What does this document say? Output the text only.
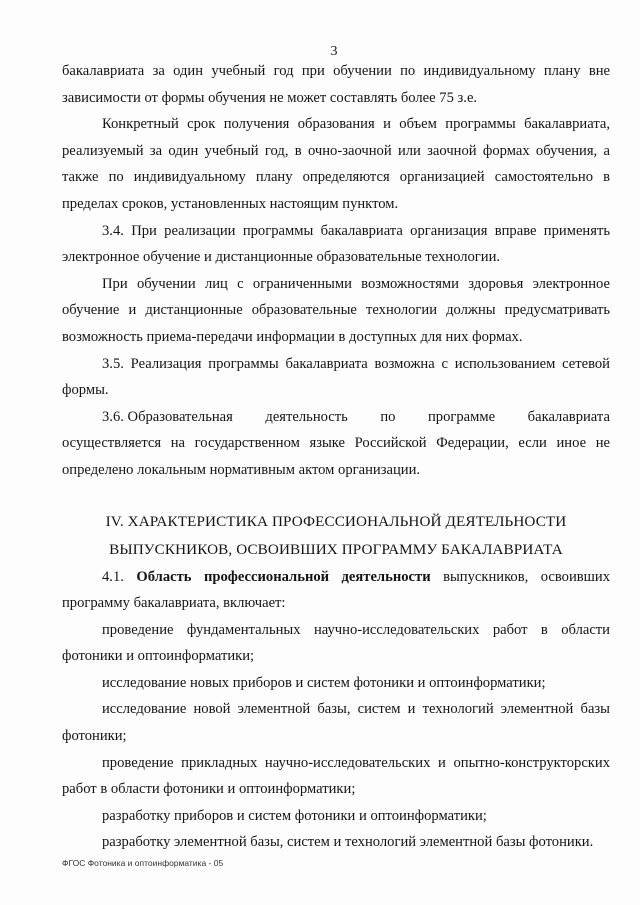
3

бакалавриата за один учебный год при обучении по индивидуальному плану вне зависимости от формы обучения не может составлять более 75 з.е.

Конкретный срок получения образования и объем программы бакалавриата, реализуемый за один учебный год, в очно-заочной или заочной формах обучения, а также по индивидуальному плану определяются организацией самостоятельно в пределах сроков, установленных настоящим пунктом.

3.4. При реализации программы бакалавриата организация вправе применять электронное обучение и дистанционные образовательные технологии.

При обучении лиц с ограниченными возможностями здоровья электронное обучение и дистанционные образовательные технологии должны предусматривать возможность приема-передачи информации в доступных для них формах.

3.5. Реализация программы бакалавриата возможна с использованием сетевой формы.

3.6. Образовательная деятельность по программе бакалавриата

осуществляется на государственном языке Российской Федерации, если иное не определено локальным нормативным актом организации.

IV. ХАРАКТЕРИСТИКА ПРОФЕССИОНАЛЬНОЙ ДЕЯТЕЛЬНОСТИ
ВЫПУСКНИКОВ, ОСВОИВШИХ ПРОГРАММУ БАКАЛАВРИАТА

4.1. Область профессиональной деятельности выпускников, освоивших программу бакалавриата, включает:

проведение фундаментальных научно-исследовательских работ в области фотоники и оптоинформатики;

исследование новых приборов и систем фотоники и оптоинформатики;

исследование новой элементной базы, систем и технологий элементной базы фотоники;

проведение прикладных научно-исследовательских и опытно-конструкторских работ в области фотоники и оптоинформатики;

разработку приборов и систем фотоники и оптоинформатики;

разработку элементной базы, систем и технологий элементной базы фотоники.

ФГОС Фотоника и оптоинформатика - 05
